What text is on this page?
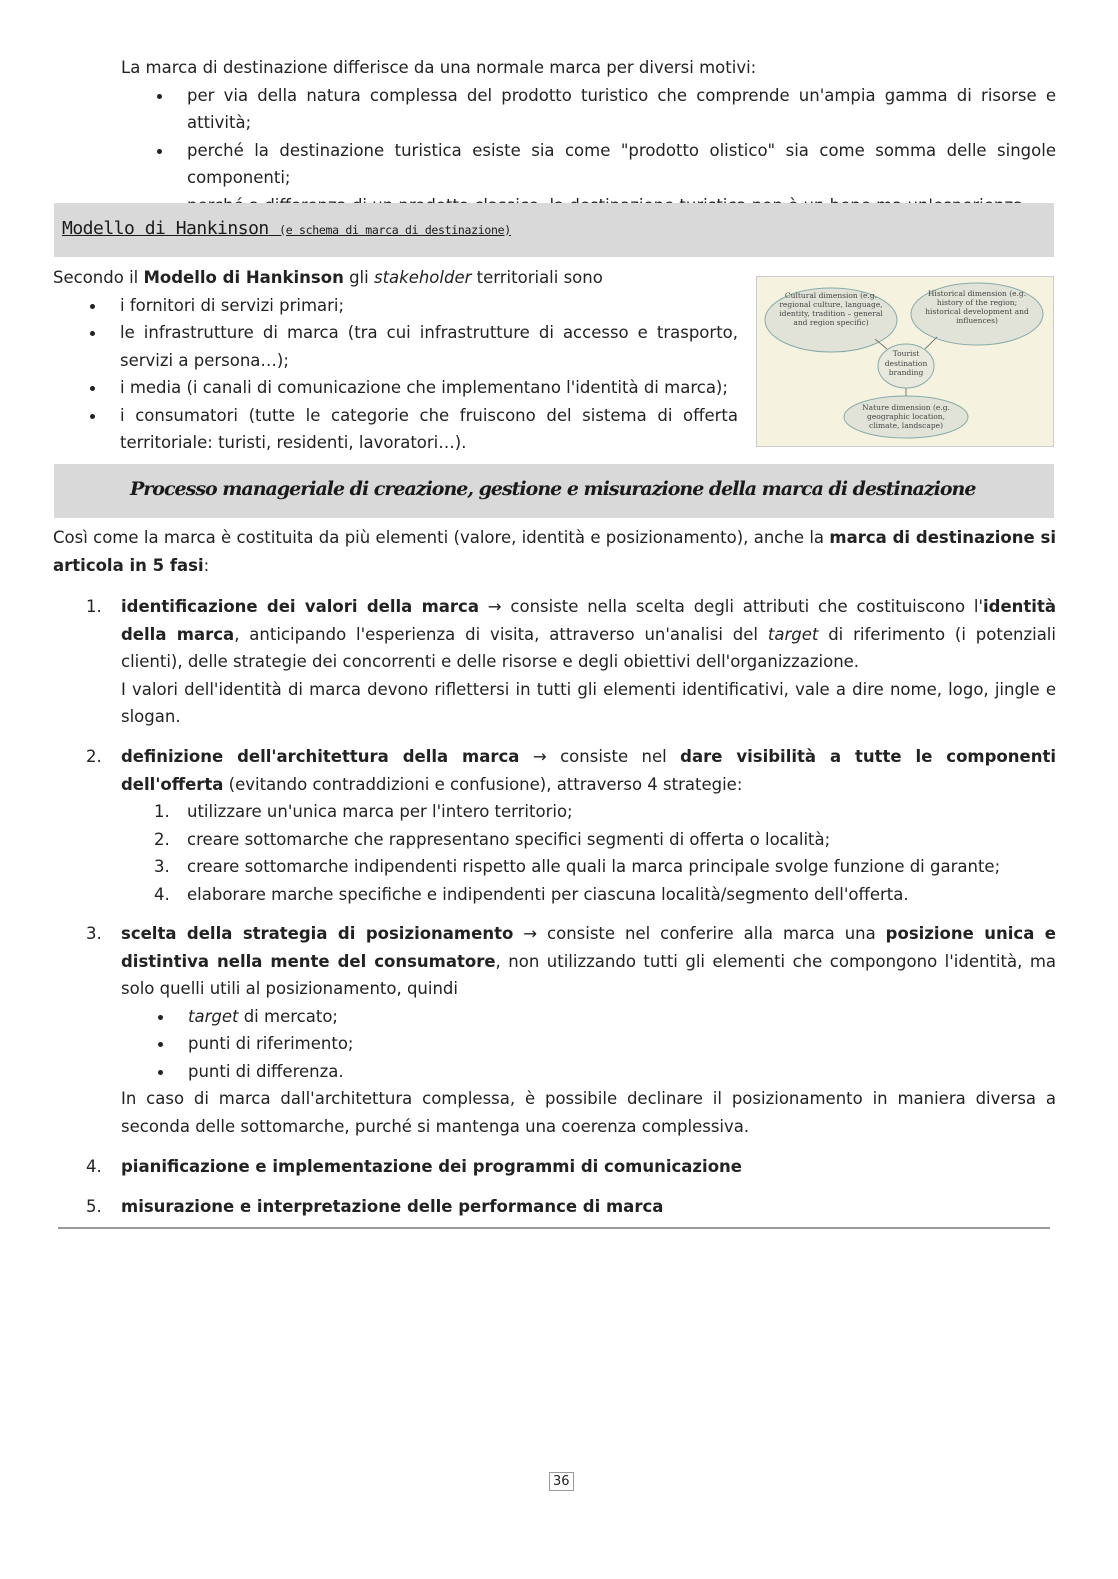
La marca di destinazione differisce da una normale marca per diversi motivi:
per via della natura complessa del prodotto turistico che comprende un'ampia gamma di risorse e attività;
perché la destinazione turistica esiste sia come "prodotto olistico" sia come somma delle singole componenti;
Modello di Hankinson (e schema di marca di destinazione)
Secondo il Modello di Hankinson gli stakeholder territoriali sono
i fornitori di servizi primari;
le infrastrutture di marca (tra cui infrastrutture di accesso e trasporto, servizi a persona…);
i media (i canali di comunicazione che implementano l'identità di marca);
i consumatori (tutte le categorie che fruiscono del sistema di offerta territoriale: turisti, residenti, lavoratori…).
Cultural dimension (e.g. regional culture, language, identity, tradition – general and region specific)
Historical dimension (e.g. history of the region; historical development and influences)
Tourist destination branding
Nature dimension (e.g. geographic location, climate, landscape)
Processo manageriale di creazione, gestione e misurazione della marca di destinazione
Così come la marca è costituita da più elementi (valore, identità e posizionamento), anche la marca di destinazione si articola in 5 fasi:
1. identificazione dei valori della marca → consiste nella scelta degli attributi che costituiscono l'identità della marca, anticipando l'esperienza di visita, attraverso un'analisi del target di riferimento (i potenziali clienti), delle strategie dei concorrenti e delle risorse e degli obiettivi dell'organizzazione.
I valori dell'identità di marca devono riflettersi in tutti gli elementi identificativi, vale a dire nome, logo, jingle e slogan.
2. definizione dell'architettura della marca → consiste nel dare visibilità a tutte le componenti dell'offerta (evitando contraddizioni e confusione), attraverso 4 strategie:
1.	utilizzare un'unica marca per l'intero territorio;
2.	creare sottomarche che rappresentano specifici segmenti di offerta o località;
3.	creare sottomarche indipendenti rispetto alle quali la marca principale svolge funzione di garante;
4.	elaborare marche specifiche e indipendenti per ciascuna località/segmento dell'offerta.
3. scelta della strategia di posizionamento → consiste nel conferire alla marca una posizione unica e distintiva nella mente del consumatore, non utilizzando tutti gli elementi che compongono l'identità, ma solo quelli utili al posizionamento, quindi
target di mercato;
punti di riferimento;
punti di differenza.
In caso di marca dall'architettura complessa, è possibile declinare il posizionamento in maniera diversa a seconda delle sottomarche, purché si mantenga una coerenza complessiva.
4. pianificazione e implementazione dei programmi di comunicazione
5. misurazione e interpretazione delle performance di marca
36
